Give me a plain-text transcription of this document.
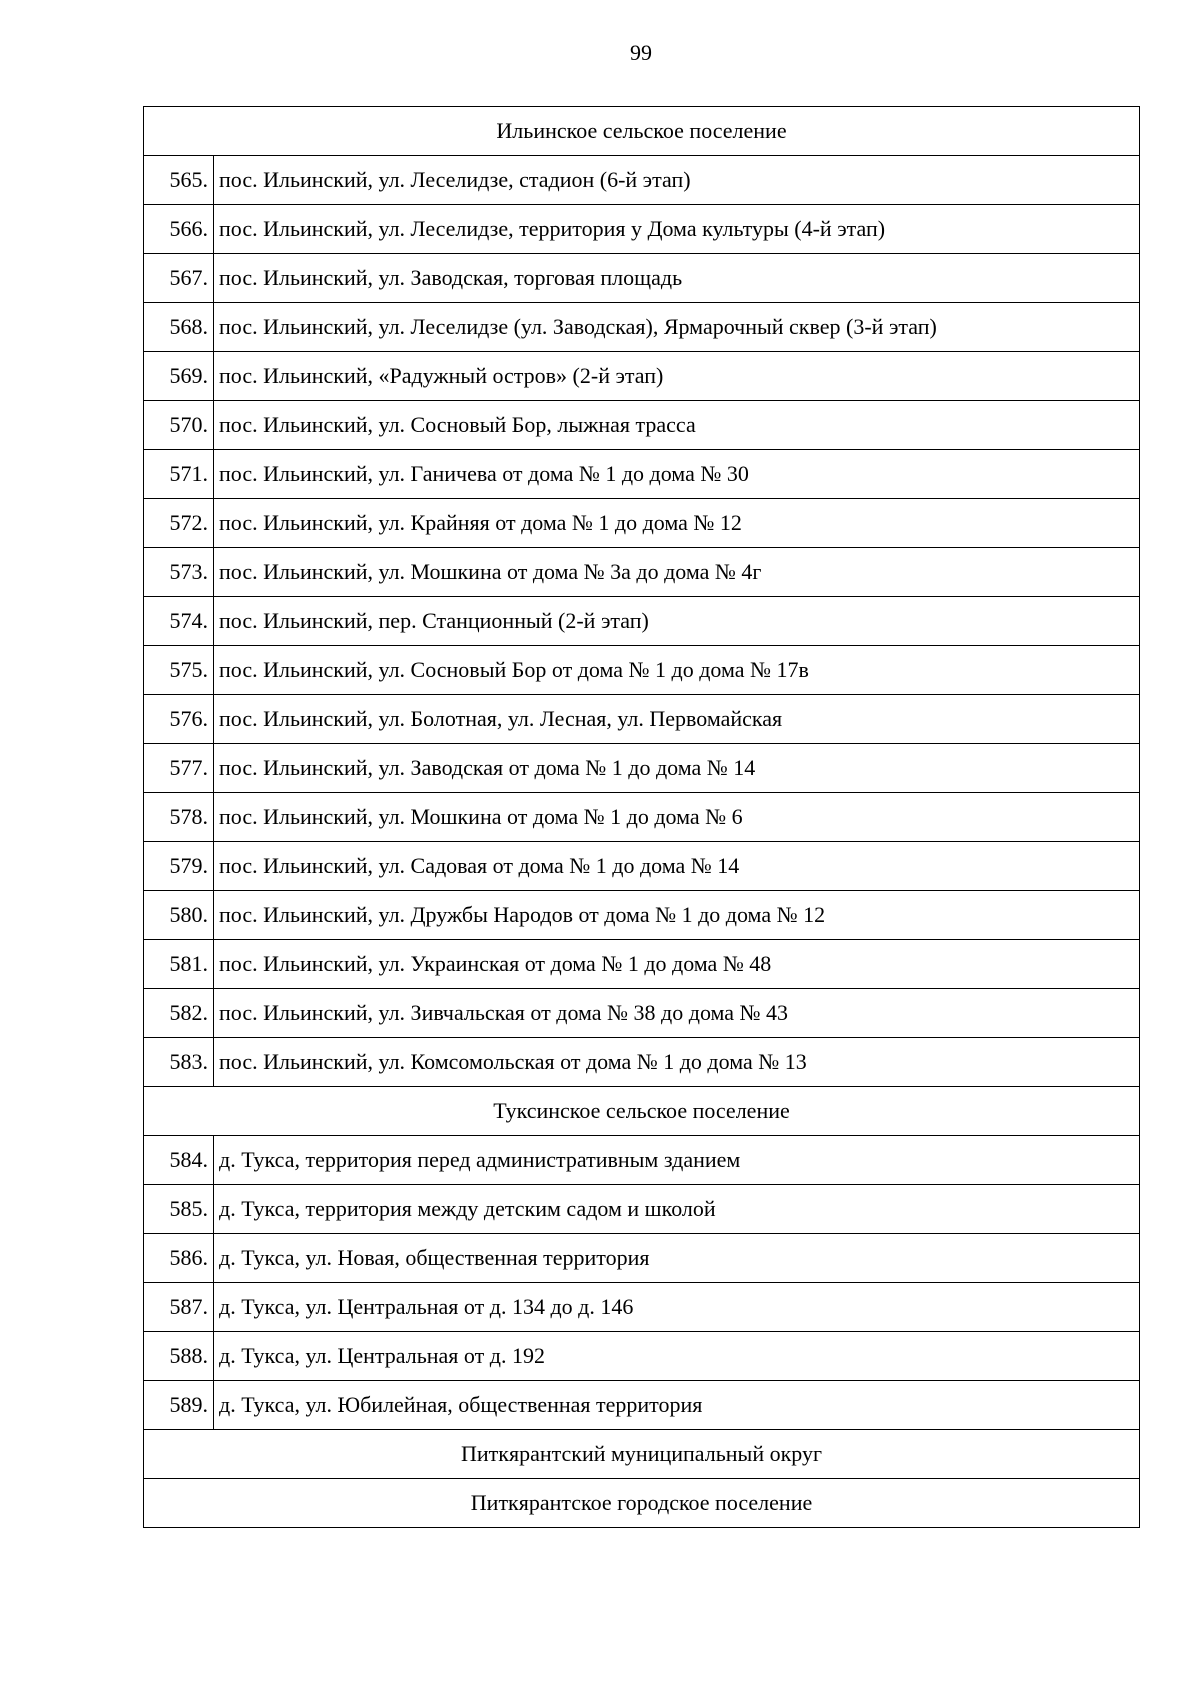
99
Ильинское сельское поселение	
565.	пос. Ильинский, ул. Леселидзе, стадион (6-й этап)
566.	пос. Ильинский, ул. Леселидзе, территория у Дома культуры (4-й этап)
567.	пос. Ильинский, ул. Заводская, торговая площадь
568.	пос. Ильинский, ул. Леселидзе (ул. Заводская), Ярмарочный сквер (3-й этап)
569.	пос. Ильинский, «Радужный остров» (2-й этап)
570.	пос. Ильинский, ул. Сосновый Бор, лыжная трасса
571.	пос. Ильинский, ул. Ганичева от дома № 1 до дома № 30
572.	пос. Ильинский, ул. Крайняя от дома № 1 до дома № 12
573.	пос. Ильинский, ул. Мошкина от дома № 3а до дома № 4г
574.	пос. Ильинский, пер. Станционный (2-й этап)
575.	пос. Ильинский, ул. Сосновый Бор от дома № 1 до дома № 17в
576.	пос. Ильинский, ул. Болотная, ул. Лесная, ул. Первомайская
577.	пос. Ильинский, ул. Заводская от дома № 1 до дома № 14
578.	пос. Ильинский, ул. Мошкина от дома № 1 до дома № 6
579.	пос. Ильинский, ул. Садовая от дома № 1 до дома № 14
580.	пос. Ильинский, ул. Дружбы Народов от дома № 1 до дома № 12
581.	пос. Ильинский, ул. Украинская от дома № 1 до дома № 48
582.	пос. Ильинский, ул. Зивчальская от дома № 38 до дома № 43
583.	пос. Ильинский, ул. Комсомольская от дома № 1 до дома № 13
Туксинское сельское поселение	
584.	д. Тукса, территория перед административным зданием
585.	д. Тукса, территория между детским садом и школой
586.	д. Тукса, ул. Новая, общественная территория
587.	д. Тукса, ул. Центральная от д. 134 до д. 146
588.	д. Тукса, ул. Центральная от д. 192
589.	д. Тукса, ул. Юбилейная, общественная территория
Питкярантский муниципальный округ	
Питкярантское городское поселение	
